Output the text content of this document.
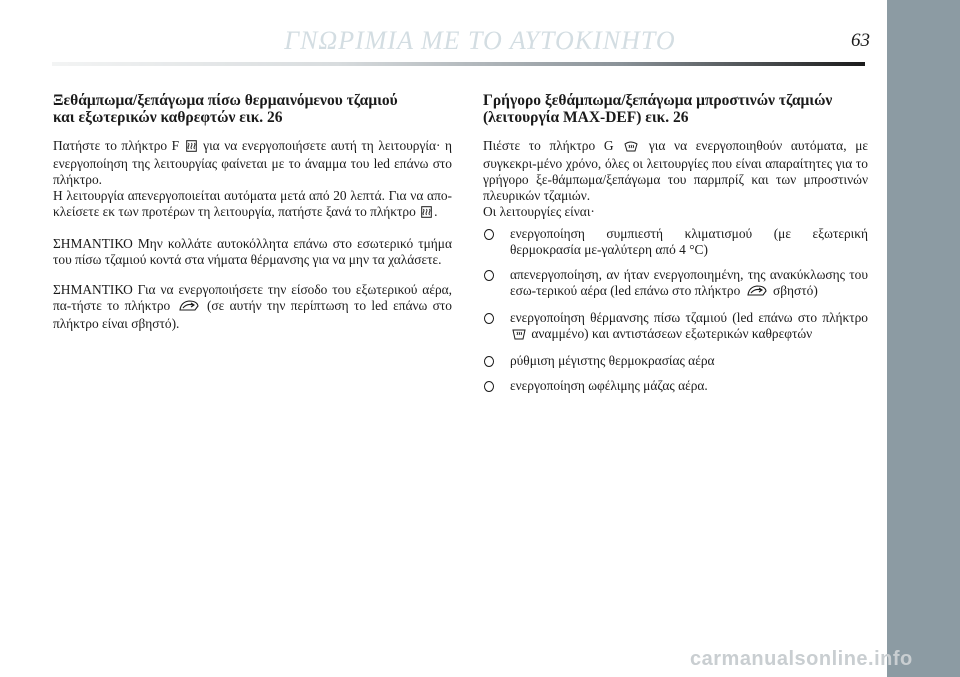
ΓΝΩΡΙΜΙΑ ΜΕ ΤΟ ΑΥΤΟΚΙΝΗΤΟ	63
Ξεθάμπωμα/ξεπάγωμα πίσω θερμαινόμενου τζαμιού
και εξωτερικών καθρεφτών εικ. 26
Πατήστε το πλήκτρο F για να ενεργοποιήσετε αυτή τη λειτουργία· η ενεργοποίηση της λειτουργίας φαίνεται με το άναμμα του led επάνω στο πλήκτρο.
Η λειτουργία απενεργοποιείται αυτόματα μετά από 20 λεπτά. Για να απο-κλείσετε εκ των προτέρων τη λειτουργία, πατήστε ξανά το πλήκτρο .
ΣΗΜΑΝΤΙΚΟ Μην κολλάτε αυτοκόλλητα επάνω στο εσωτερικό τμήμα του πίσω τζαμιού κοντά στα νήματα θέρμανσης για να μην τα χαλάσετε.
ΣΗΜΑΝΤΙΚΟ Για να ενεργοποιήσετε την είσοδο του εξωτερικού αέρα, πα-τήστε το πλήκτρο	(σε αυτήν την περίπτωση το led επάνω στο πλήκτρο είναι σβηστό).
Γρήγορο ξεθάμπωμα/ξεπάγωμα μπροστινών τζαμιών
(λειτουργία MAX-DEF) εικ. 26
Πιέστε το πλήκτρο G	για να ενεργοποιηθούν αυτόματα, με συγκεκρι-μένο χρόνο, όλες οι λειτουργίες που είναι απαραίτητες για το γρήγορο ξε-θάμπωμα/ξεπάγωμα του παρμπρίζ και των μπροστινών πλευρικών τζαμιών.
Οι λειτουργίες είναι·
ενεργοποίηση συμπιεστή κλιματισμού (με εξωτερική θερμοκρασία με-γαλύτερη από 4 °C)
απενεργοποίηση, αν ήταν ενεργοποιημένη, της ανακύκλωσης του εσω-τερικού αέρα (led επάνω στο πλήκτρο σβηστό)
ενεργοποίηση θέρμανσης πίσω τζαμιού (led επάνω στο πλήκτρο  αναμμένο) και αντιστάσεων εξωτερικών καθρεφτών
ρύθμιση μέγιστης θερμοκρασίας αέρα
ενεργοποίηση ωφέλιμης μάζας αέρα.
carmanualsonline.info
